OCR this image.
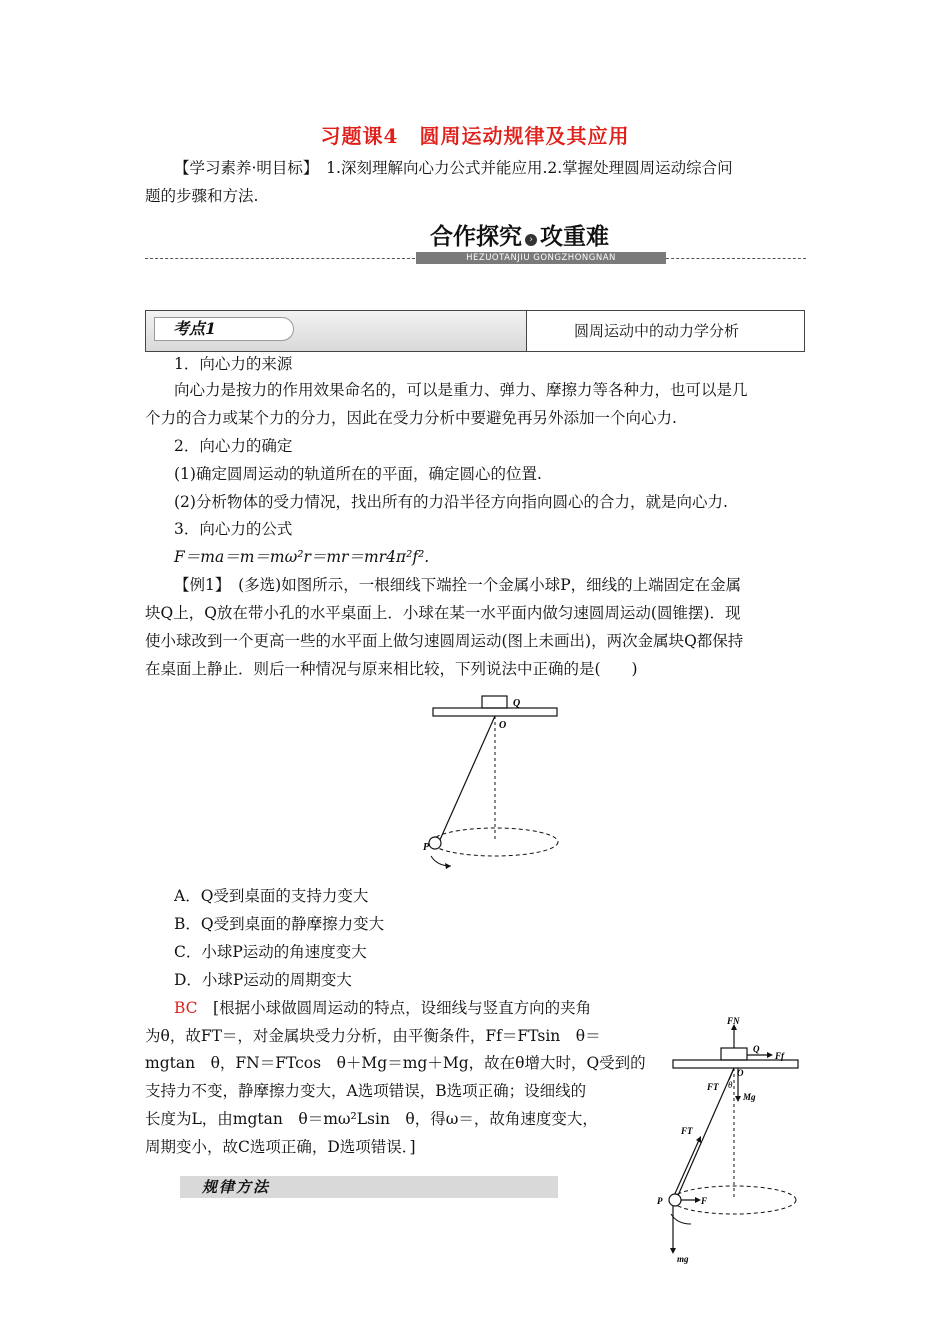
习题课4　圆周运动规律及其应用
【学习素养·明目标】　1.深刻理解向心力公式并能应用.2.掌握处理圆周运动综合问
题的步骤和方法.
合作探究 › 攻重难
HEZUOTANJIU GONGZHONGNAN
考点1	圆周运动中的动力学分析
1．向心力的来源
向心力是按力的作用效果命名的，可以是重力、弹力、摩擦力等各种力，也可以是几
个力的合力或某个力的分力，因此在受力分析中要避免再另外添加一个向心力.
2．向心力的确定
(1)确定圆周运动的轨道所在的平面，确定圆心的位置.
(2)分析物体的受力情况，找出所有的力沿半径方向指向圆心的合力，就是向心力.
3．向心力的公式
F＝ma＝m＝mω²r＝mr＝mr4π²f².
【例1】　(多选)如图所示，一根细线下端拴一个金属小球P，细线的上端固定在金属
块Q上，Q放在带小孔的水平桌面上．小球在某一水平面内做匀速圆周运动(圆锥摆)．现
使小球改到一个更高一些的水平面上做匀速圆周运动(图上未画出)，两次金属块Q都保持
在桌面上静止．则后一种情况与原来相比较，下列说法中正确的是(　　)
Q
O
P
A．Q受到桌面的支持力变大
B．Q受到桌面的静摩擦力变大
C．小球P运动的角速度变大
D．小球P运动的周期变大
BC　[根据小球做圆周运动的特点，设细线与竖直方向的夹角
为θ，故FT＝，对金属块受力分析，由平衡条件，Ff＝FTsin　θ＝
mgtan　θ，FN＝FTcos　θ＋Mg＝mg＋Mg，故在θ增大时，Q受到的
支持力不变，静摩擦力变大，A选项错误，B选项正确；设细线的
长度为L，由mgtan　θ＝mω²Lsin　θ，得ω＝，故角速度变大，
周期变小，故C选项正确，D选项错误．]
规律方法
FN
Q
Ff
O
θ
FT
Mg
FT
P	F
mg
